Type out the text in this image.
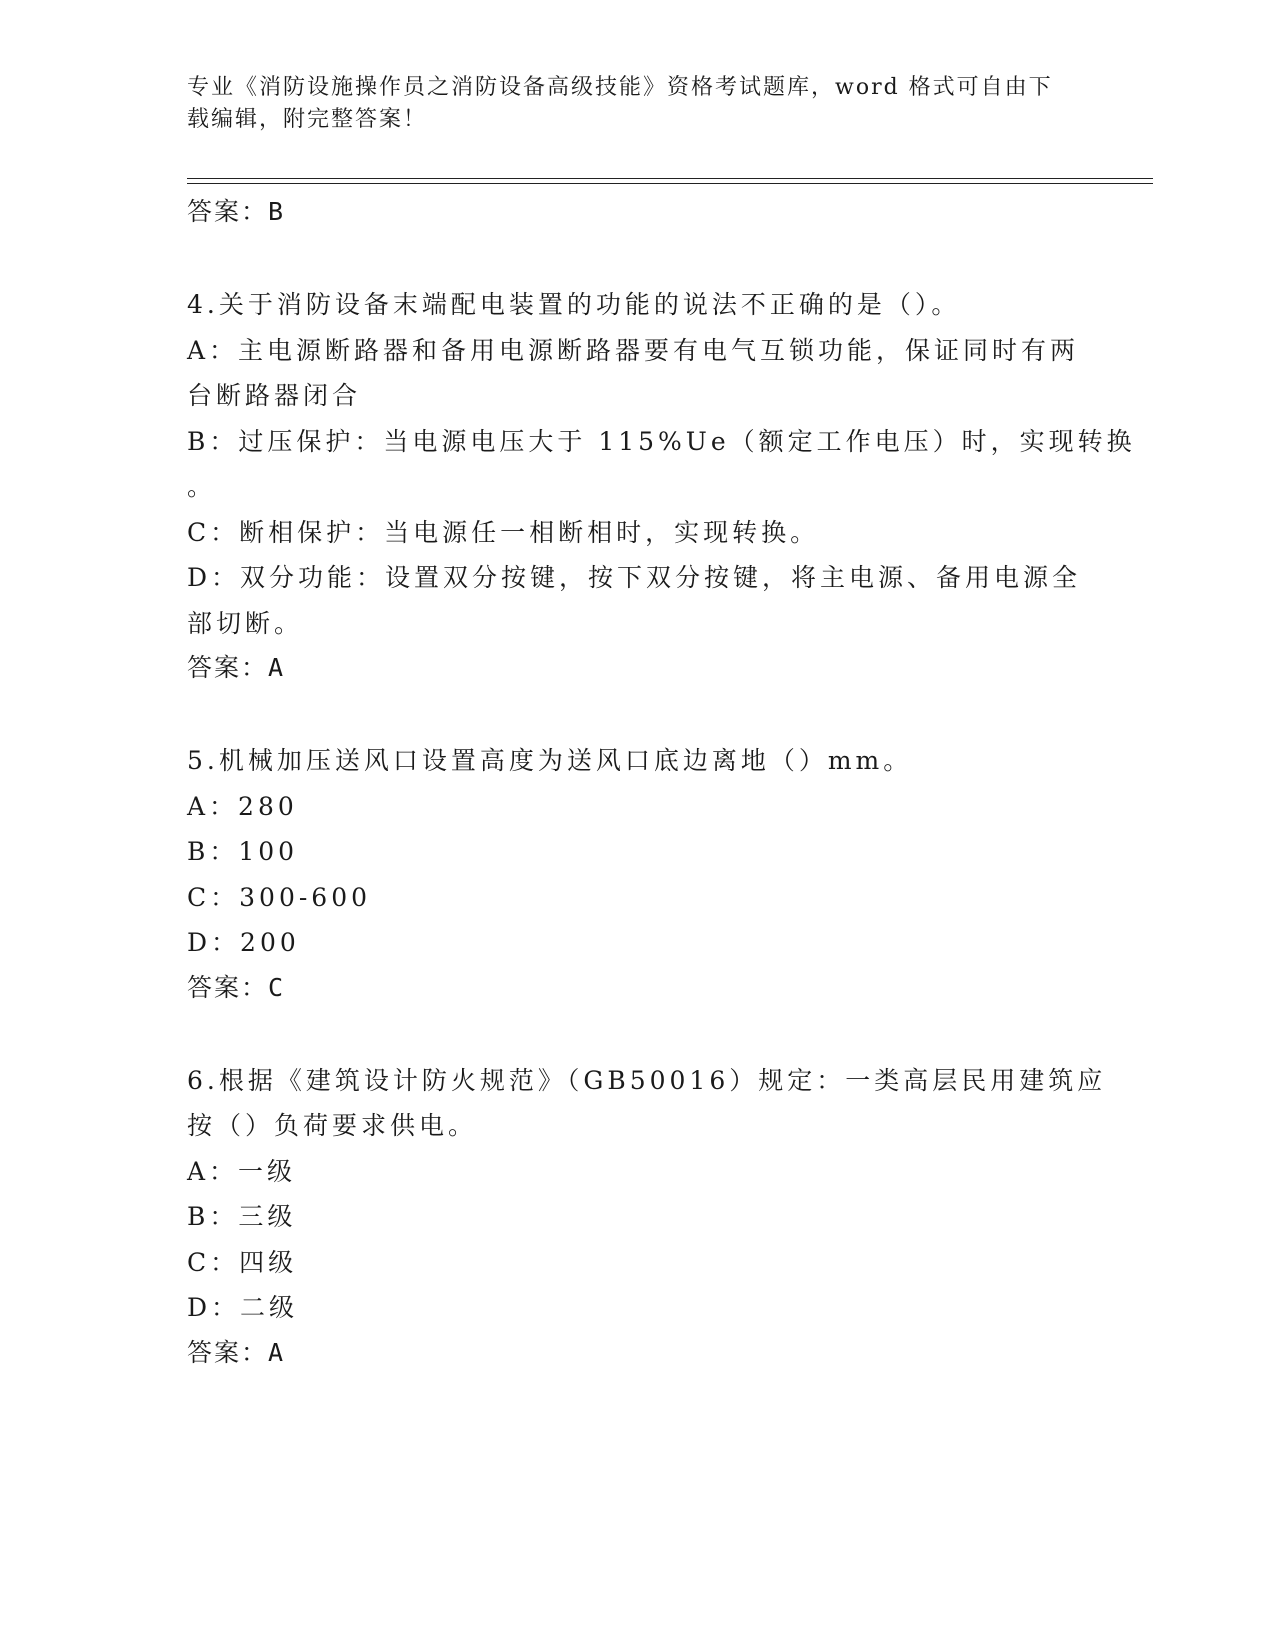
专业《消防设施操作员之消防设备高级技能》资格考试题库，word 格式可自由下
载编辑，附完整答案！
答案：B
4.关于消防设备末端配电装置的功能的说法不正确的是（）。
A：主电源断路器和备用电源断路器要有电气互锁功能，保证同时有两
台断路器闭合
B：过压保护：当电源电压大于 115%Ue（额定工作电压）时，实现转换
。
C：断相保护：当电源任一相断相时，实现转换。
D：双分功能：设置双分按键，按下双分按键，将主电源、备用电源全
部切断。
答案：A
5.机械加压送风口设置高度为送风口底边离地（）mm。
A：280
B：100
C：300-600
D：200
答案：C
6.根据《建筑设计防火规范》（GB50016）规定：一类高层民用建筑应
按（）负荷要求供电。
A：一级
B：三级
C：四级
D：二级
答案：A
